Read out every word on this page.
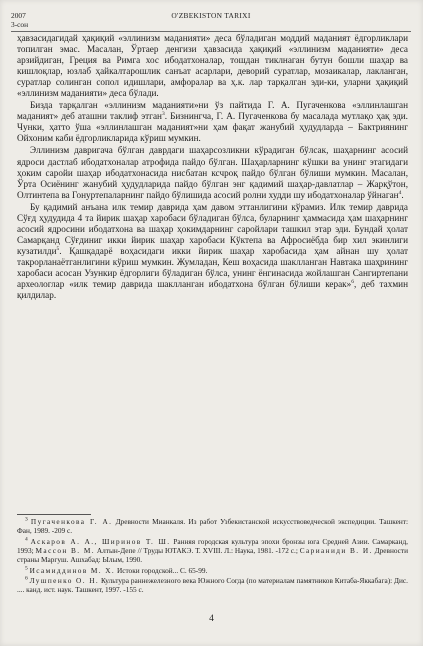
2007
3-сон
O'ZBEKISTON TARIXI

ҳавзасидагидай ҳақиқий «эллинизм маданияти» деса бўладиган моддий маданият ёдгорликлари топилган эмас. Масалан, Ўртаер денгизи ҳавзасида ҳақиқий «эллинизм маданияти» деса арзийдиган, Греция ва Римга хос ибодатхоналар, тошдан тиклнаган бутун бошли шаҳар ва кишлоқлар, юзлаб ҳайкалтарошлик санъат асарлари, деворий суратлар, мозаикалар, лакланган, суратлар солинган сопол идишлари, амфоралар ва ҳ.к. лар тарқалган эди-ки, уларни ҳақиқий «эллинизм маданияти» деса бўлади.

Бизда тарқалган «эллинизм маданияти»ни ўз пайтида Г. А. Пугаченкова «эллинлашган маданият» деб аташни таклиф этган$^3$. Бизнингча, Г. А. Пугаченкова бу масалада мутлақо ҳақ эди. Чунки, ҳатто ўша «эллинлашган маданият»ни ҳам фақат жанубий ҳудудларда – Бактриянинг Ойхоним каби ёдгорликларида кўриш мумкин.

Эллинизм давригача бўлган даврдаги шаҳарсозликни кўрадиган бўлсак, шаҳарнинг асосий ядроси дастлаб ибодатхоналар атрофида пайдо бўлган. Шаҳарларнинг кўшки ва унинг этагидаги ҳоким саройи шаҳар ибодатхонасида нисбатан ксчроқ пайдо бўлган бўлиши мумкин. Масалан, Ўрта Осиёнинг жанубий ҳудудларида пайдо бўлган энг қадимий шаҳар-давлатлар – Жарқўтон, Олтинтепа ва Гонуртепаларнинг пайдо бўлишида асосий ролни худди шу ибодатхоналар ўйнаган$^4$.

Бу қадимий анъана илк темир даврида ҳам давом эттанлигини кўрамиз. Илк темир даврида Сўғд ҳудудида 4 та йирик шаҳар харобаси бўладиган бўлса, буларнинг ҳаммасида ҳам шаҳарнинг асосий ядросини ибодатхона ва шаҳар ҳокимдарнинг саройлари ташкил этар эди. Бундай ҳолат Самарқанд Сўғдиниг икки йирик шаҳар харобаси Кўктепа ва Афросиёбда бир хил экинлиги кузатилди$^5$. Қашқадарё воҳасидаги икки йирик шаҳар харобасида ҳам айнан шу ҳолат такрорланаётганлигини кўриш мумкин. Жумладан, Кеш воҳасида шаклланган Навтака шаҳрининг харобаси асосан Узункир ёдгорлиги бўладиган бўлса, унинг ёнгинасида жойлашган Сангиртепани археологлар «илк темир даврида шаклланган ибодатхона бўлган бўлиши керак»$^6$, деб тахмин қилдилар.

$^3$ Пугаченкова Г. А. Древности Мианкаля. Из работ Узбекистанской искусствоведческой экспедиции. Ташкент: Фан, 1989. -209 с.

$^4$ Аскаров А. А., Ширинов Т. Ш. Ранняя городская культура эпохи бронзы юга Средней Азии. Самарканд, 1993; Массон В. М. Алтын-Депе // Труды ЮТАКЭ. Т. XVIII. Л.: Наука, 1981. -172 с.; Сарианиди В. И. Древности страны Маргуш. Ашхабад: Ылым, 1990.

$^5$ Исамиддинов М. Х. Истоки городской... С. 65-99.

$^6$ Лушпенко О. Н. Культура раннежелезного века Южного Согда (по материалам памятников Китаба-Яккабага): Дис. .... канд. ист. наук. Ташкент, 1997. -155 с.

4
